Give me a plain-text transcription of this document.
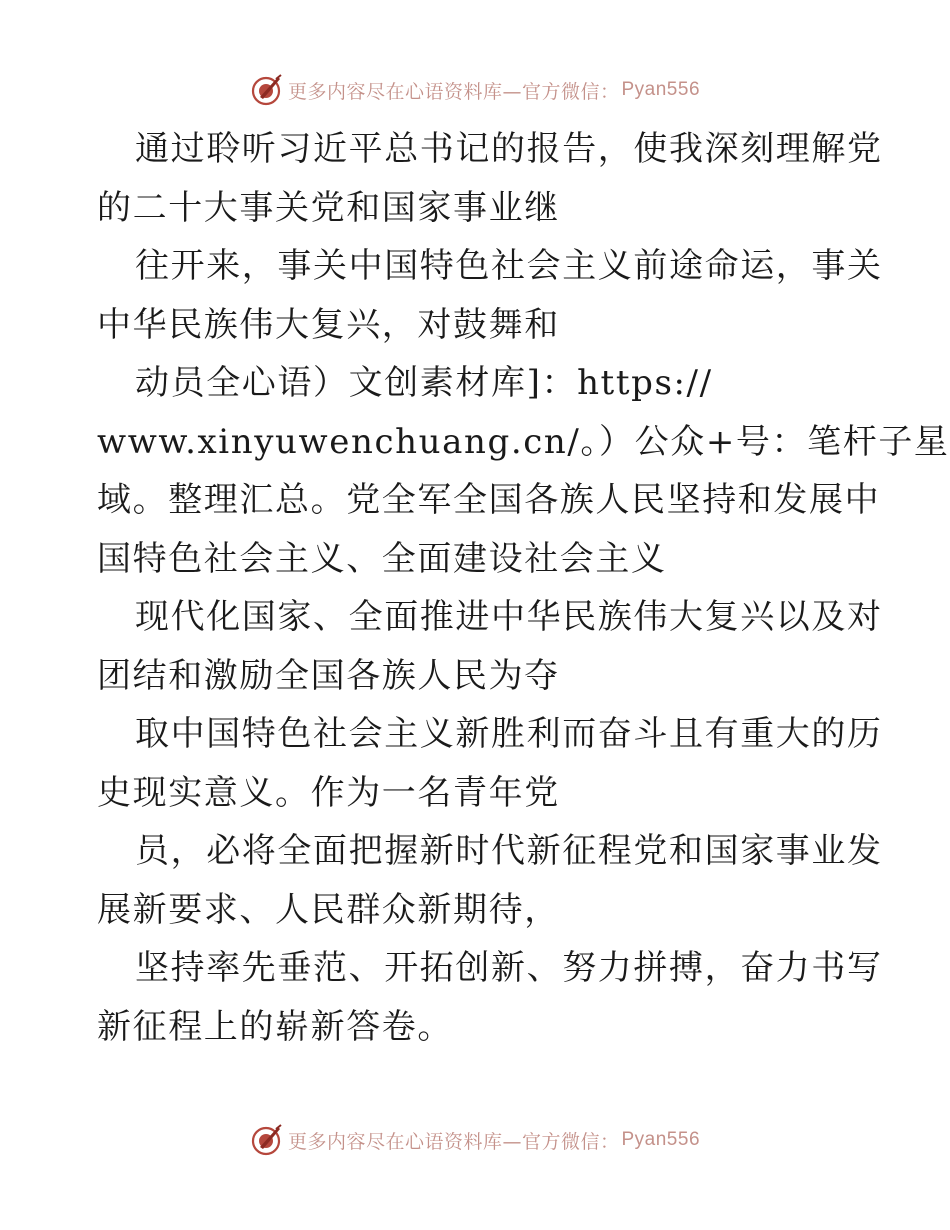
更多内容尽在心语资料库—官方微信： Pyan556
通过聆听习近平总书记的报告，使我深刻理解党
的二十大事关党和国家事业继
往开来，事关中国特色社会主义前途命运，事关
中华民族伟大复兴，对鼓舞和
动员全心语）文创素材库]：https://
www.xinyuwenchuang.cn/。）公众+号：笔杆子星
域。整理汇总。党全军全国各族人民坚持和发展中
国特色社会主义、全面建设社会主义
现代化国家、全面推进中华民族伟大复兴以及对
团结和激励全国各族人民为夺
取中国特色社会主义新胜利而奋斗且有重大的历
史现实意义。作为一名青年党
员，必将全面把握新时代新征程党和国家事业发
展新要求、人民群众新期待，
坚持率先垂范、开拓创新、努力拼搏，奋力书写
新征程上的崭新答卷。
更多内容尽在心语资料库—官方微信： Pyan556
